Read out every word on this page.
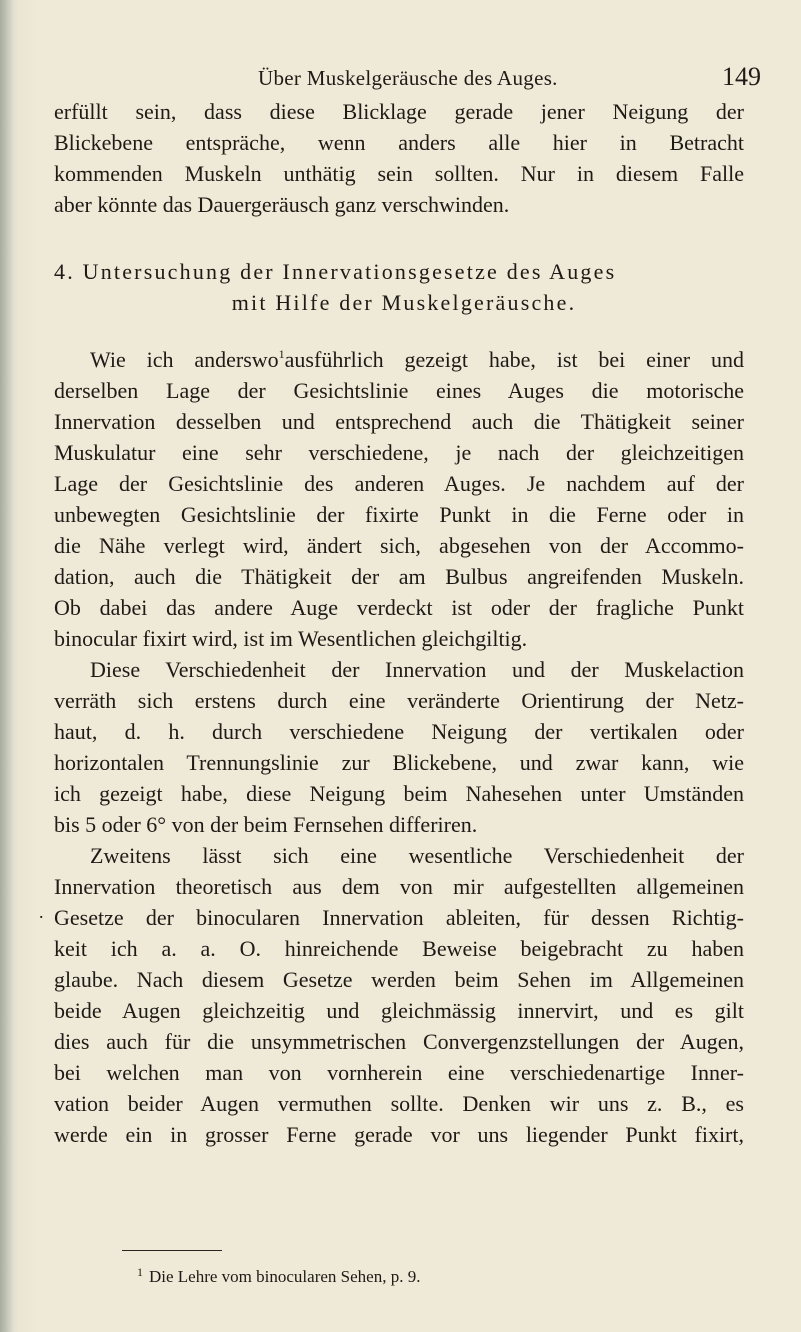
Über Muskelgeräusche des Auges.	149
.
erfüllt sein, dass diese Blicklage gerade jener Neigung der
Blickebene entspräche, wenn anders alle hier in Betracht
kommenden Muskeln unthätig sein sollten. Nur in diesem Falle
aber könnte das Dauergeräusch ganz verschwinden.
4. Untersuchung der Innervationsgesetze des Auges
mit Hilfe der Muskelgeräusche.
Wie ich anderswo$^1$ausführlich gezeigt habe, ist bei einer und
derselben Lage der Gesichtslinie eines Auges die motorische
Innervation desselben und entsprechend auch die Thätigkeit seiner
Muskulatur eine sehr verschiedene, je nach der gleichzeitigen
Lage der Gesichtslinie des anderen Auges. Je nachdem auf der
unbewegten Gesichtslinie der fixirte Punkt in die Ferne oder in
die Nähe verlegt wird, ändert sich, abgesehen von der Accommo-
dation, auch die Thätigkeit der am Bulbus angreifenden Muskeln.
Ob dabei das andere Auge verdeckt ist oder der fragliche Punkt
binocular fixirt wird, ist im Wesentlichen gleichgiltig.
Diese Verschiedenheit der Innervation und der Muskelaction
verräth sich erstens durch eine veränderte Orientirung der Netz-
haut, d. h. durch verschiedene Neigung der vertikalen oder
horizontalen Trennungslinie zur Blickebene, und zwar kann, wie
ich gezeigt habe, diese Neigung beim Nahesehen unter Umständen
bis 5 oder 6° von der beim Fernsehen differiren.
Zweitens lässt sich eine wesentliche Verschiedenheit der
Innervation theoretisch aus dem von mir aufgestellten allgemeinen
Gesetze der binocularen Innervation ableiten, für dessen Richtig-
keit ich a. a. O. hinreichende Beweise beigebracht zu haben
glaube. Nach diesem Gesetze werden beim Sehen im Allgemeinen
beide Augen gleichzeitig und gleichmässig innervirt, und es gilt
dies auch für die unsymmetrischen Convergenzstellungen der Augen,
bei welchen man von vornherein eine verschiedenartige Inner-
vation beider Augen vermuthen sollte. Denken wir uns z. B., es
werde ein in grosser Ferne gerade vor uns liegender Punkt fixirt,
$^1$ Die Lehre vom binocularen Sehen, p. 9.
